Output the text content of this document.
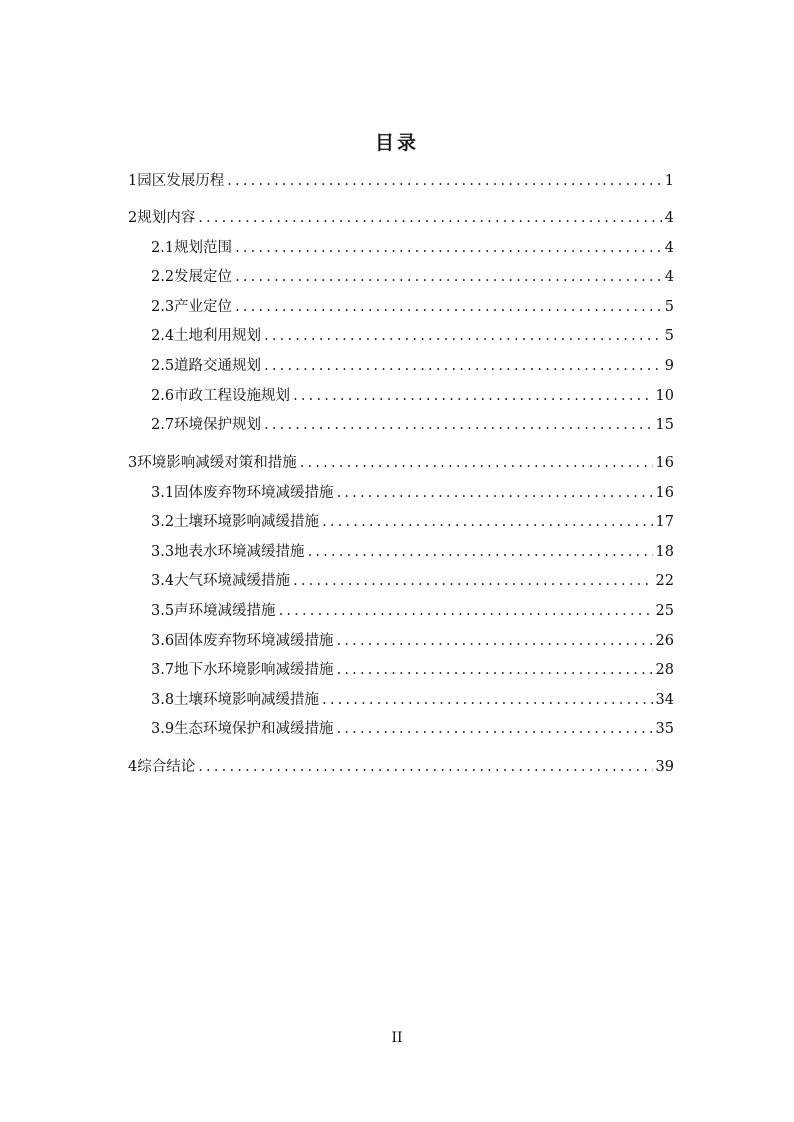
目录
1园区发展历程 .....	1
2规划内容 .....	4
2.1规划范围 .....	4
2.2发展定位 .....	4
2.3产业定位 .....	5
2.4土地利用规划 .....	5
2.5道路交通规划 .....	9
2.6市政工程设施规划 .....	10
2.7环境保护规划 .....	15
3环境影响减缓对策和措施 .....	16
3.1固体废弃物环境减缓措施 .....	16
3.2土壤环境影响减缓措施 .....	17
3.3地表水环境减缓措施 .....	18
3.4大气环境减缓措施 .....	22
3.5声环境减缓措施 .....	25
3.6固体废弃物环境减缓措施 .....	26
3.7地下水环境影响减缓措施 .....	28
3.8土壤环境影响减缓措施 .....	34
3.9生态环境保护和减缓措施 .....	35
4综合结论 .....	39
II
